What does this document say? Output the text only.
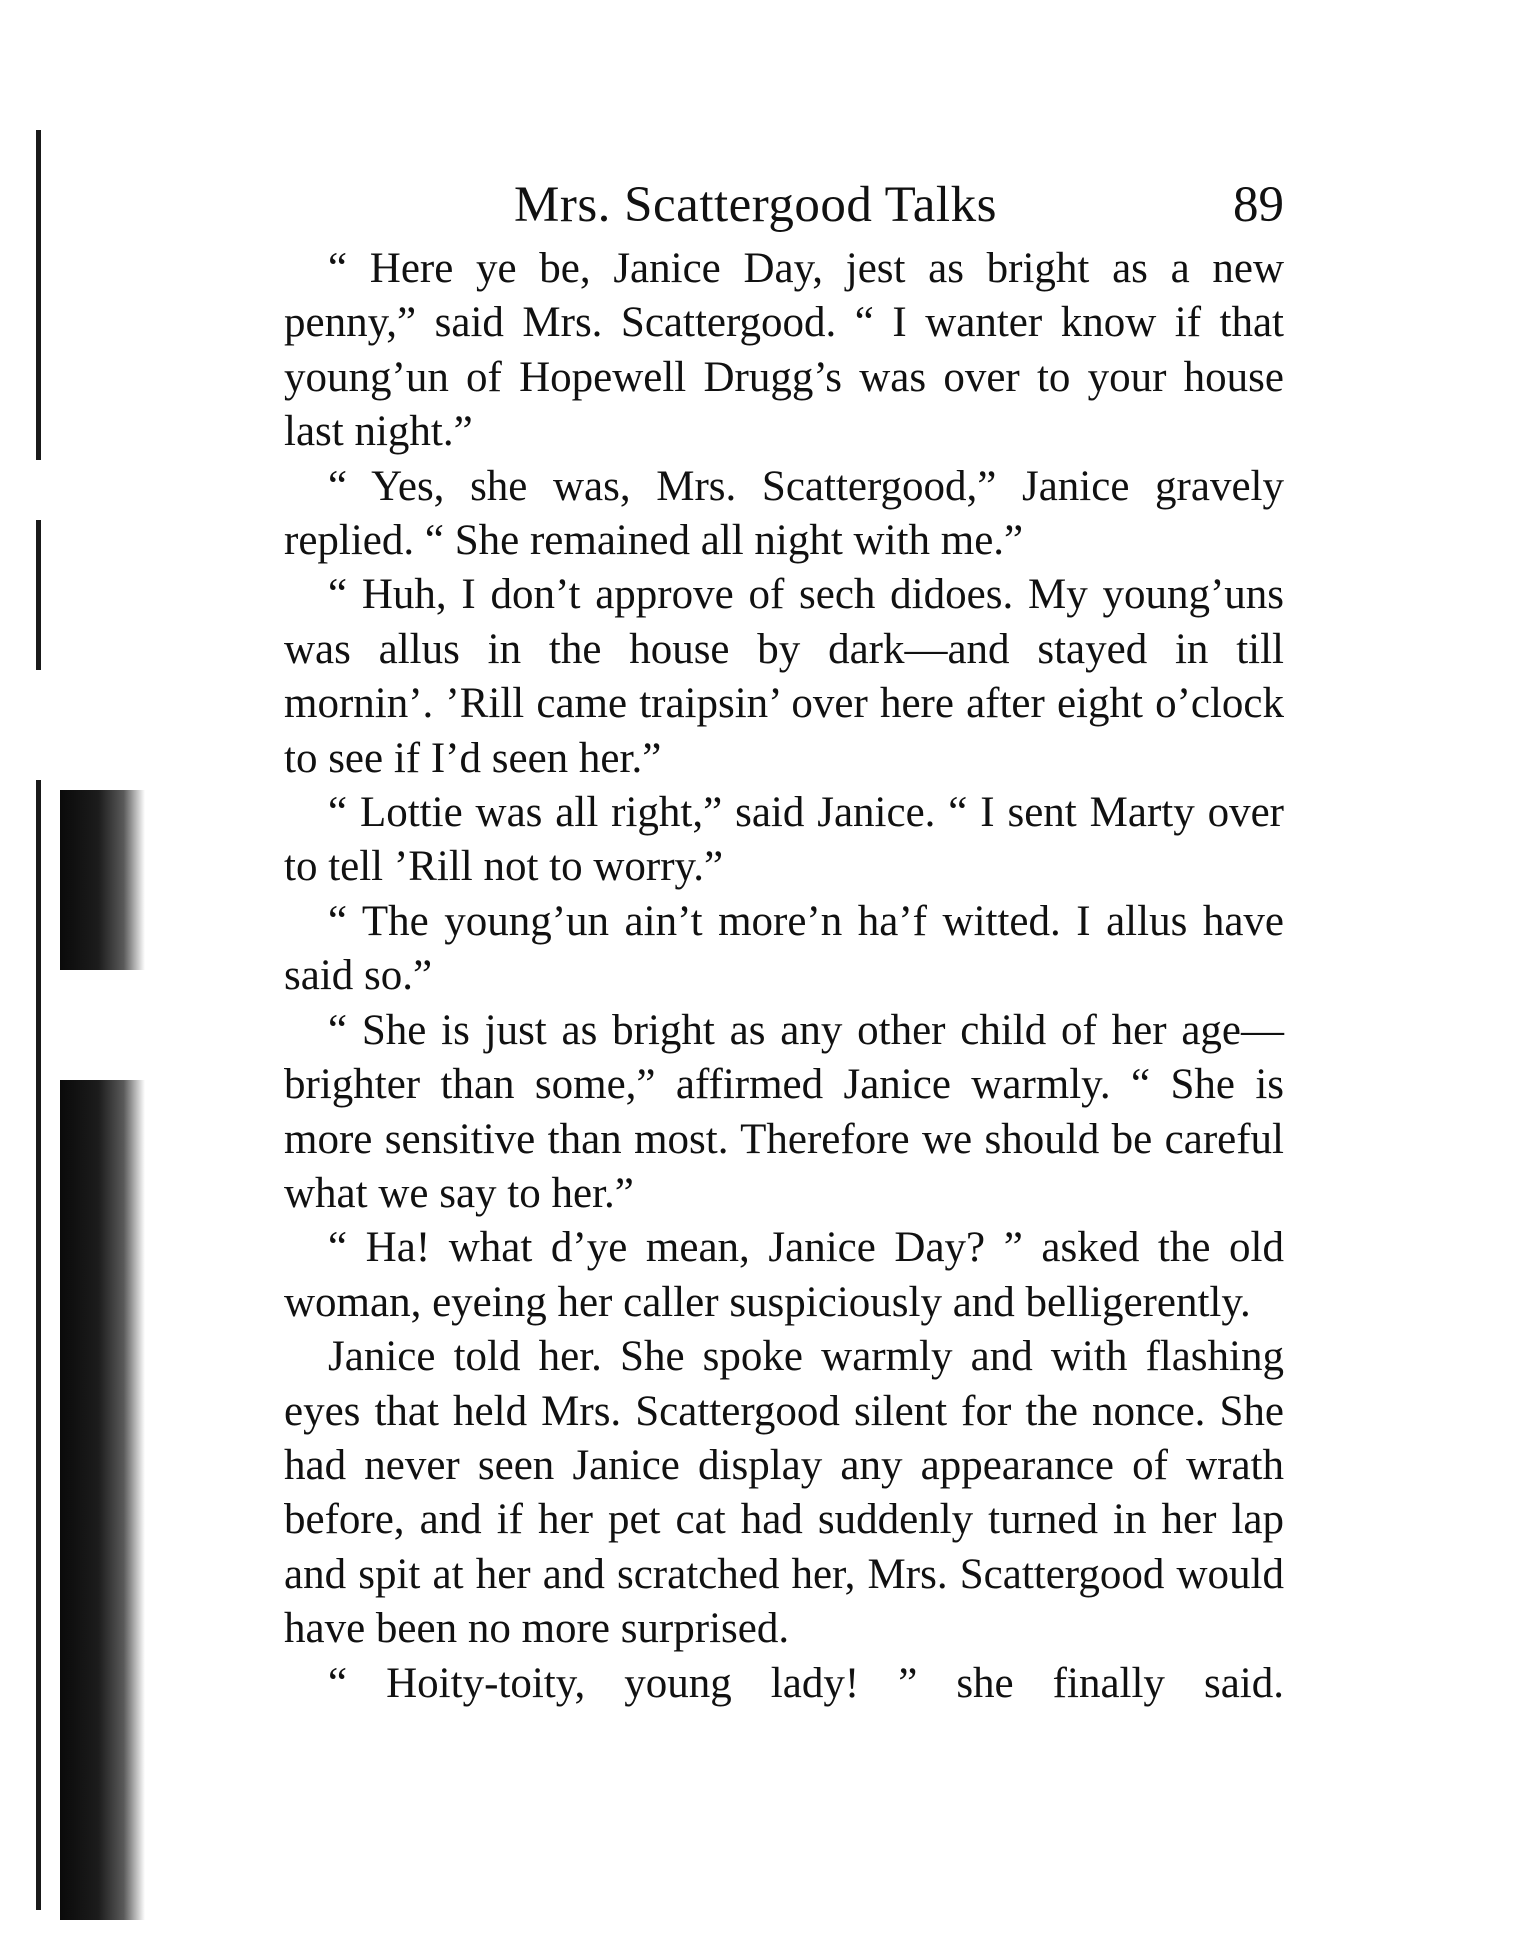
Mrs. Scattergood Talks	89

“ Here ye be, Janice Day, jest as bright as a new penny,” said Mrs. Scattergood. “ I wanter know if that young’un of Hopewell Drugg’s was over to your house last night.”

“ Yes, she was, Mrs. Scattergood,” Janice gravely replied. “ She remained all night with me.”

“ Huh, I don’t approve of sech didoes. My young’uns was allus in the house by dark—and stayed in till mornin’. ’Rill came traipsin’ over here after eight o’clock to see if I’d seen her.”

“ Lottie was all right,” said Janice. “ I sent Marty over to tell ’Rill not to worry.”

“ The young’un ain’t more’n ha’f witted. I allus have said so.”

“ She is just as bright as any other child of her age—brighter than some,” affirmed Janice warmly. “ She is more sensitive than most. Therefore we should be careful what we say to her.”

“ Ha! what d’ye mean, Janice Day? ” asked the old woman, eyeing her caller suspiciously and belligerently.

Janice told her. She spoke warmly and with flashing eyes that held Mrs. Scattergood silent for the nonce. She had never seen Janice display any appearance of wrath before, and if her pet cat had suddenly turned in her lap and spit at her and scratched her, Mrs. Scattergood would have been no more surprised.

“ Hoity-toity, young lady! ” she finally said.
